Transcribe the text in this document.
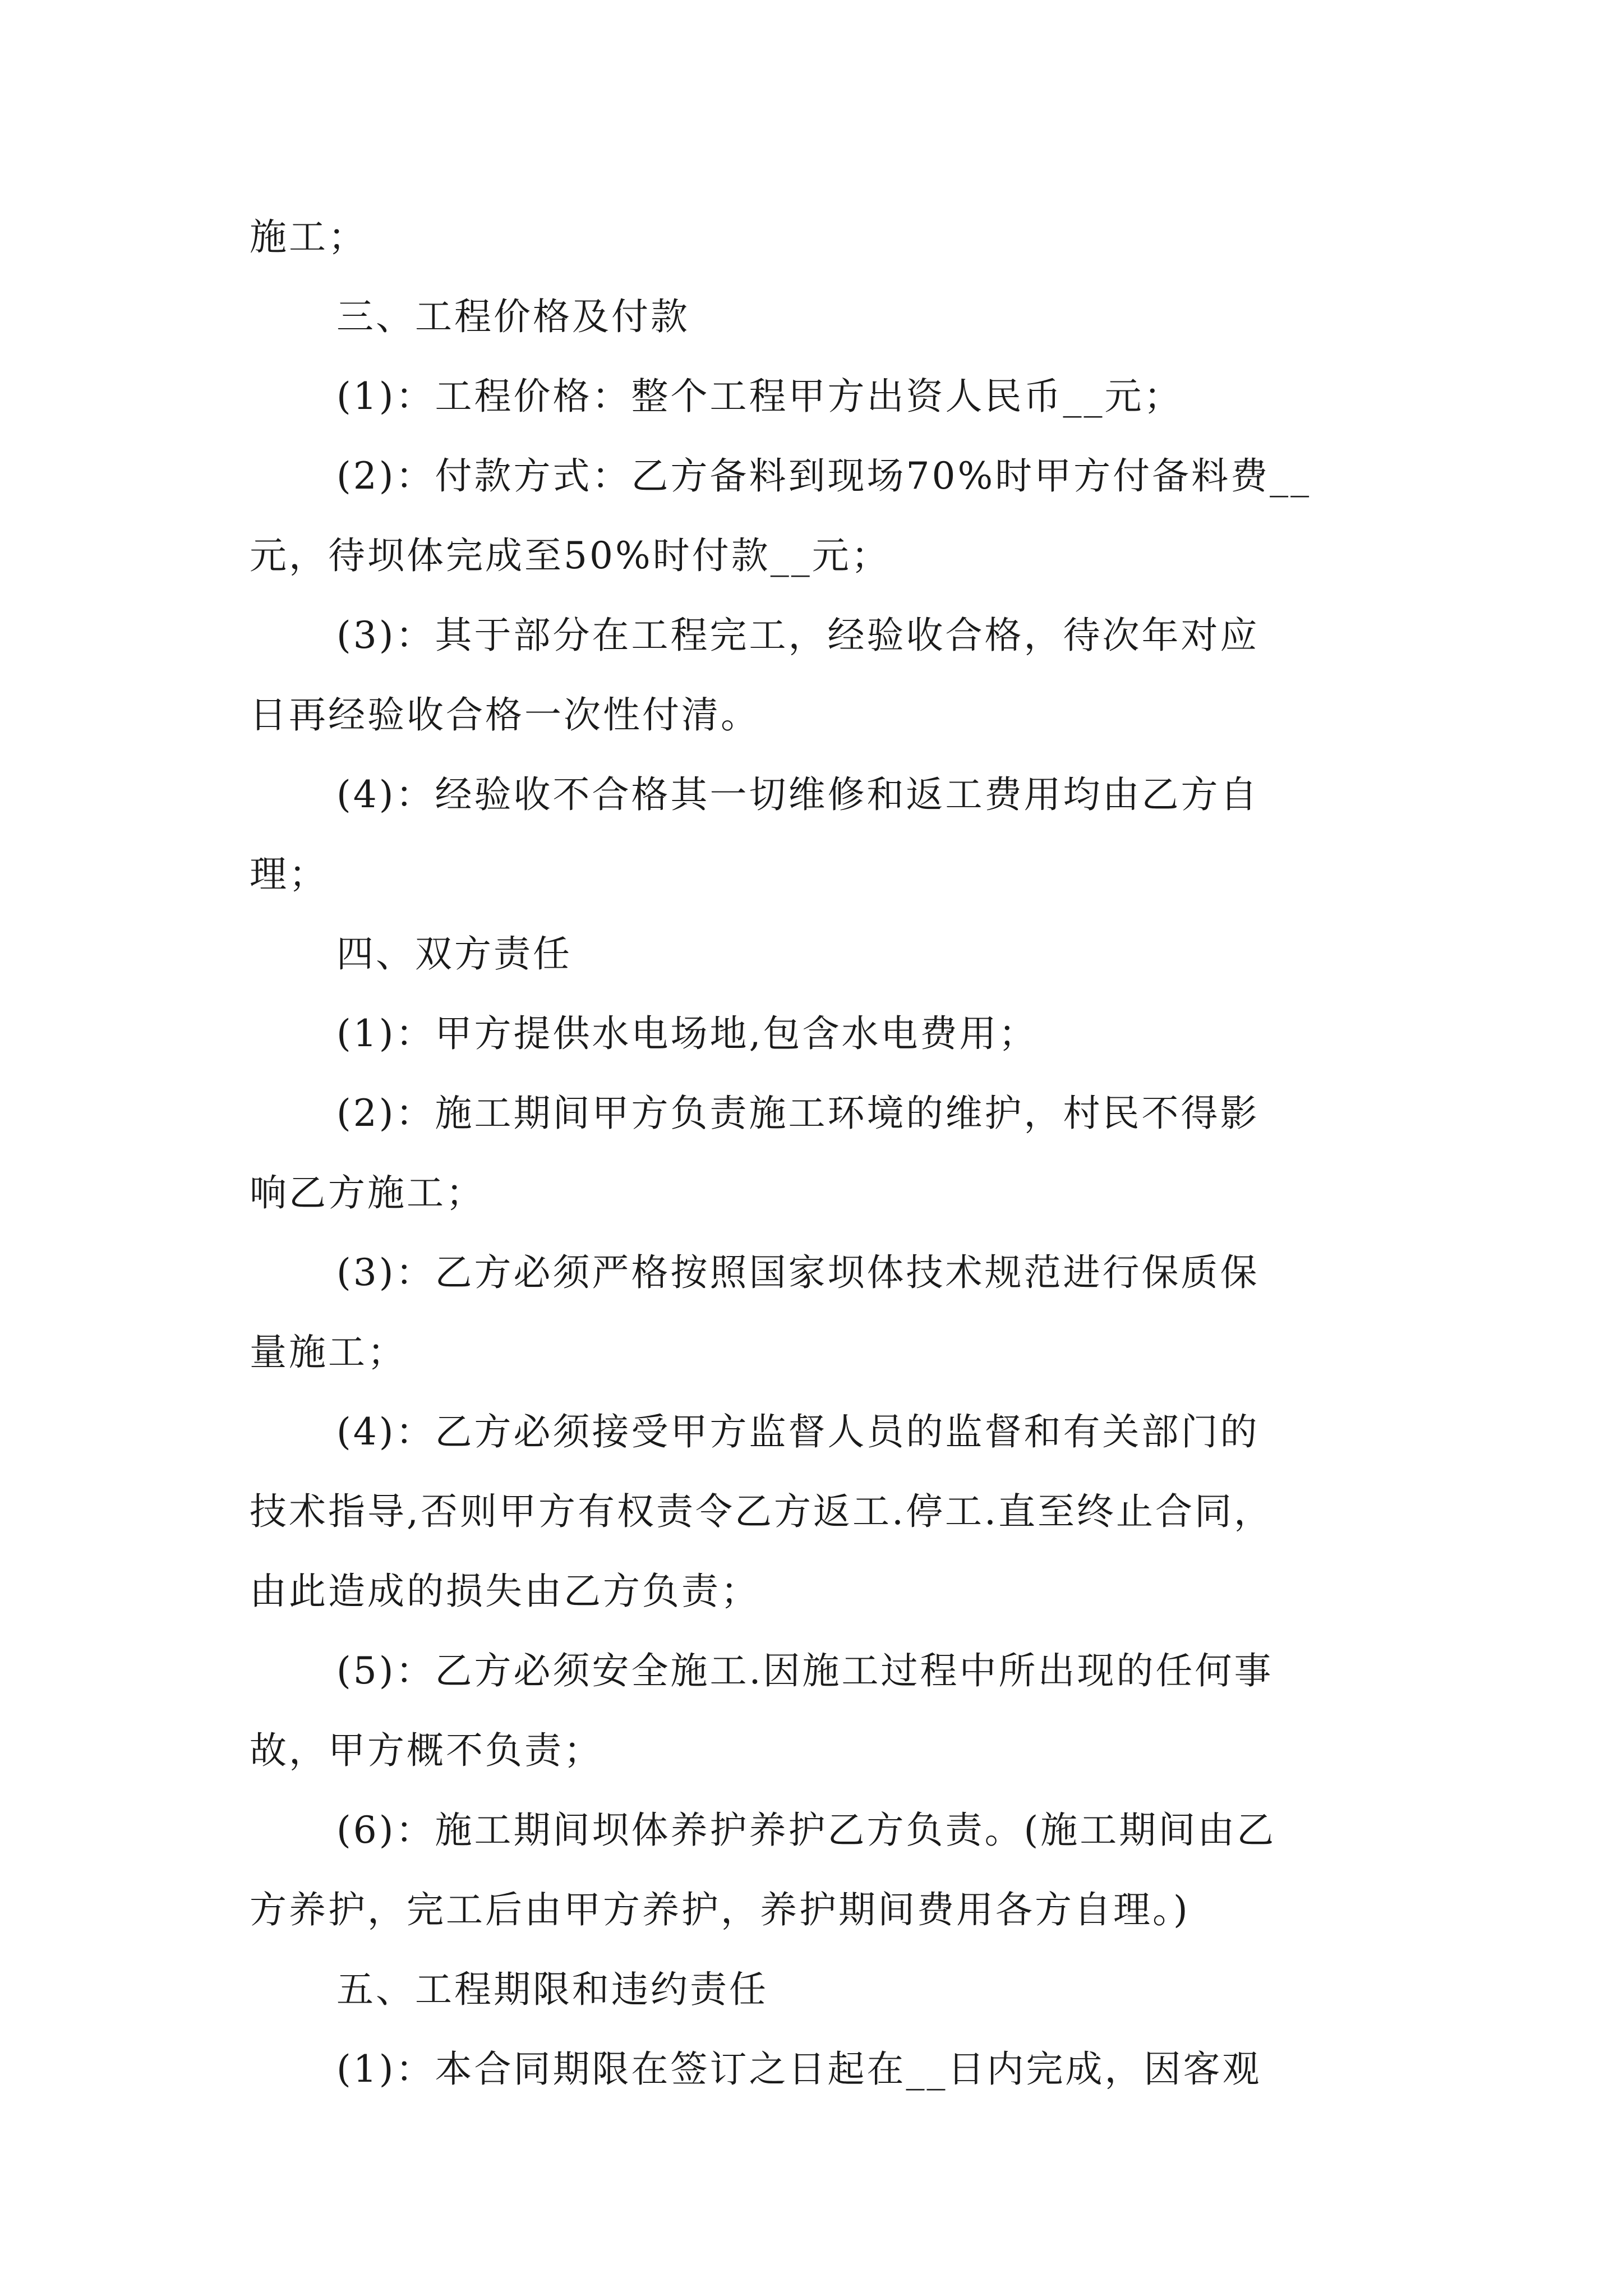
施工；
三、工程价格及付款
(1)：工程价格：整个工程甲方出资人民币__元；
(2)：付款方式：乙方备料到现场70%时甲方付备料费__
元，待坝体完成至50%时付款__元；
(3)：其于部分在工程完工，经验收合格，待次年对应
日再经验收合格一次性付清。
(4)：经验收不合格其一切维修和返工费用均由乙方自
理；
四、双方责任
(1)：甲方提供水电场地,包含水电费用；
(2)：施工期间甲方负责施工环境的维护，村民不得影
响乙方施工；
(3)：乙方必须严格按照国家坝体技术规范进行保质保
量施工；
(4)：乙方必须接受甲方监督人员的监督和有关部门的
技术指导,否则甲方有权责令乙方返工.停工.直至终止合同，
由此造成的损失由乙方负责；
(5)：乙方必须安全施工.因施工过程中所出现的任何事
故，甲方概不负责；
(6)：施工期间坝体养护养护乙方负责。(施工期间由乙
方养护，完工后由甲方养护，养护期间费用各方自理。)
五、工程期限和违约责任
(1)：本合同期限在签订之日起在__日内完成，因客观
